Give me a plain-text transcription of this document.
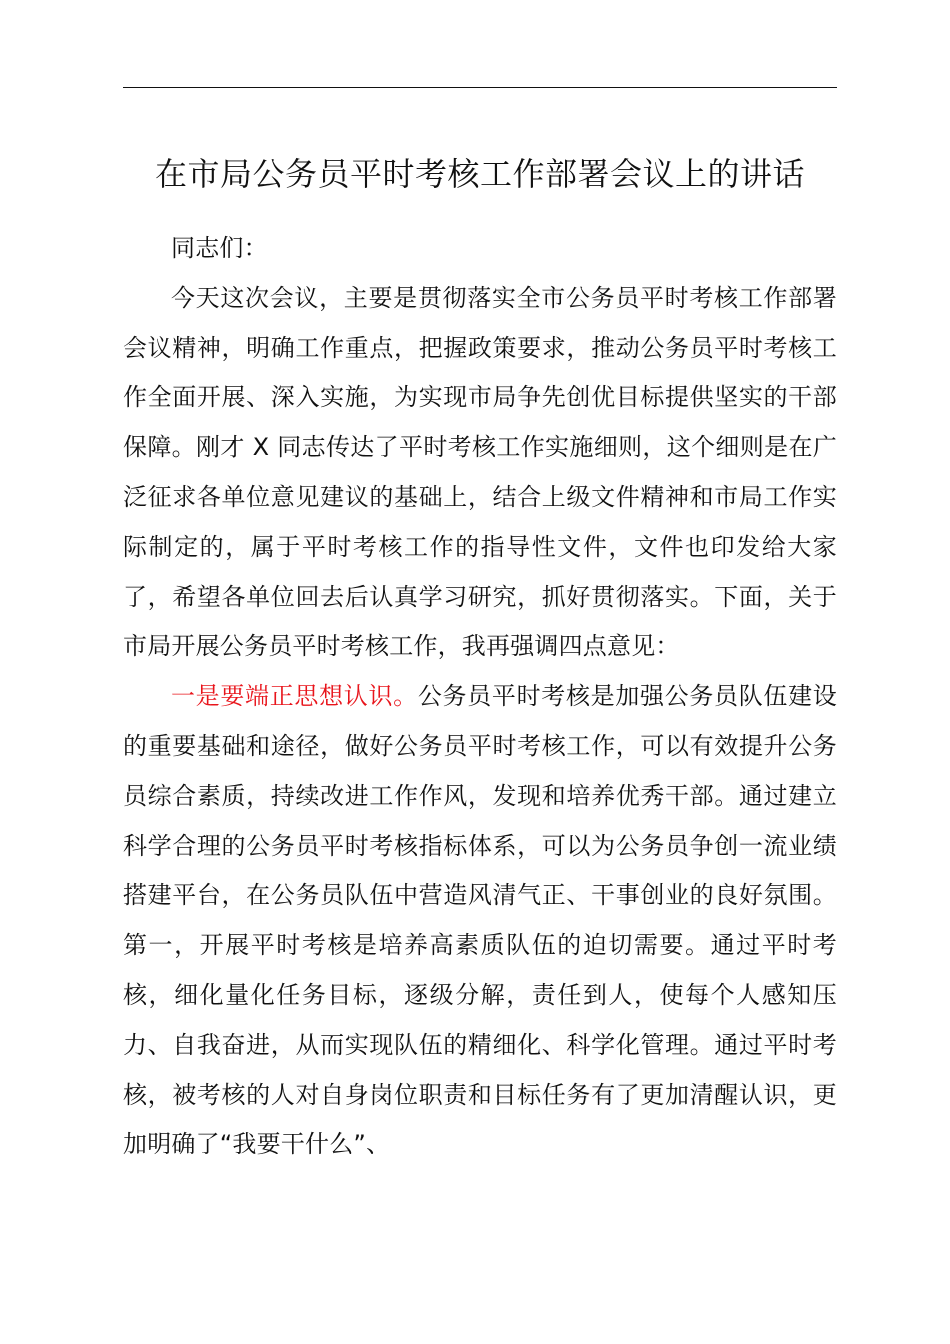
在市局公务员平时考核工作部署会议上的讲话

同志们：

今天这次会议，主要是贯彻落实全市公务员平时考核工作部署会议精神，明确工作重点，把握政策要求，推动公务员平时考核工作全面开展、深入实施，为实现市局争先创优目标提供坚实的干部保障。刚才 X 同志传达了平时考核工作实施细则，这个细则是在广泛征求各单位意见建议的基础上，结合上级文件精神和市局工作实际制定的，属于平时考核工作的指导性文件，文件也印发给大家了，希望各单位回去后认真学习研究，抓好贯彻落实。下面，关于市局开展公务员平时考核工作，我再强调四点意见：

一是要端正思想认识。公务员平时考核是加强公务员队伍建设的重要基础和途径，做好公务员平时考核工作，可以有效提升公务员综合素质，持续改进工作作风，发现和培养优秀干部。通过建立科学合理的公务员平时考核指标体系，可以为公务员争创一流业绩搭建平台，在公务员队伍中营造风清气正、干事创业的良好氛围。第一，开展平时考核是培养高素质队伍的迫切需要。通过平时考核，细化量化任务目标，逐级分解，责任到人，使每个人感知压力、自我奋进，从而实现队伍的精细化、科学化管理。通过平时考核，被考核的人对自身岗位职责和目标任务有了更加清醒认识，更加明确了“我要干什么”、
